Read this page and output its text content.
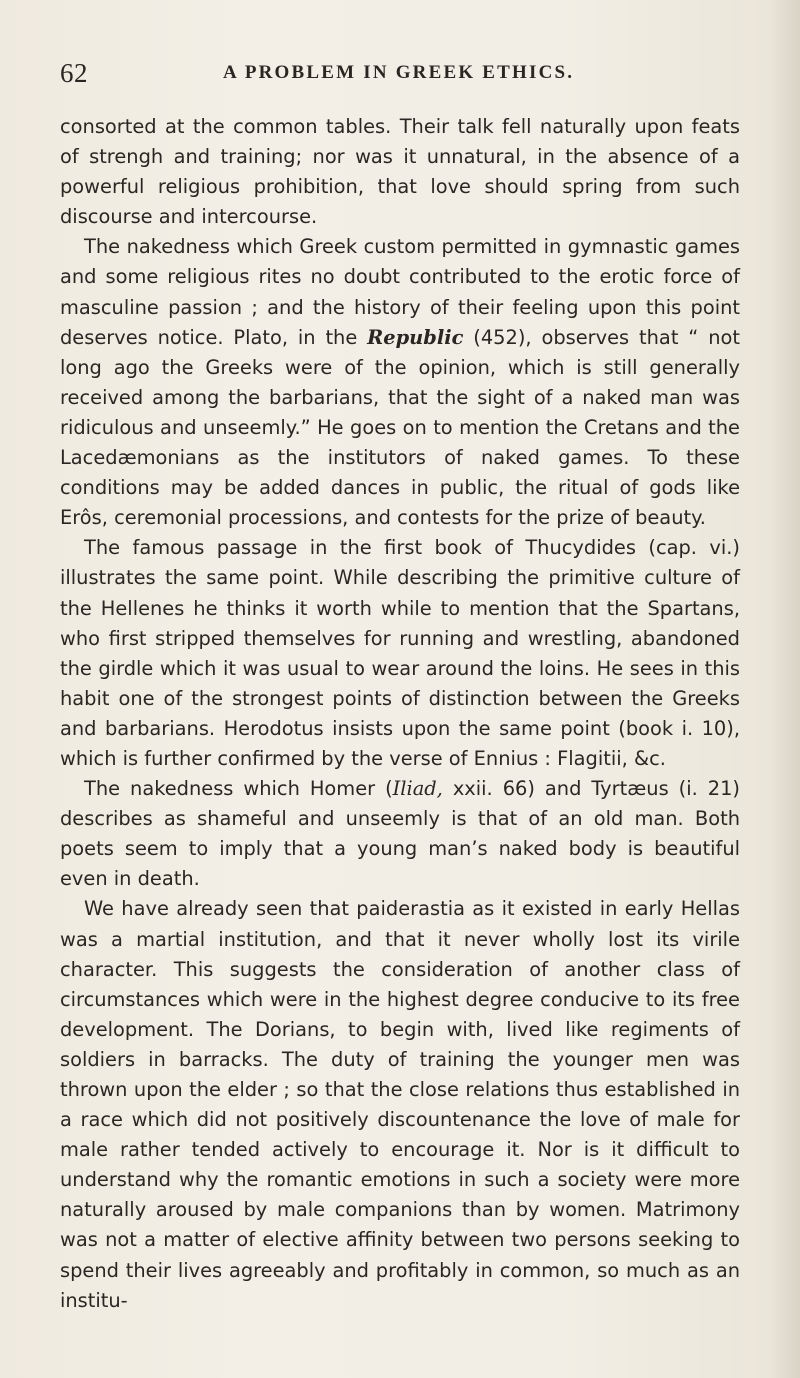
62	A PROBLEM IN GREEK ETHICS.

consorted at the common tables. Their talk fell naturally upon feats of strengh and training; nor was it unnatural, in the absence of a powerful religious prohibition, that love should spring from such discourse and intercourse.

The nakedness which Greek custom permitted in gymnastic games and some religious rites no doubt contributed to the erotic force of masculine passion ; and the history of their feeling upon this point deserves notice. Plato, in the Republic (452), observes that “ not long ago the Greeks were of the opinion, which is still generally received among the barbarians, that the sight of a naked man was ridiculous and unseemly.” He goes on to mention the Cretans and the Lacedæmonians as the institutors of naked games. To these conditions may be added dances in public, the ritual of gods like Erôs, ceremonial processions, and contests for the prize of beauty.

The famous passage in the first book of Thucydides (cap. vi.) illustrates the same point. While describing the primitive culture of the Hellenes he thinks it worth while to mention that the Spartans, who first stripped themselves for running and wrestling, abandoned the girdle which it was usual to wear around the loins. He sees in this habit one of the strongest points of distinction between the Greeks and barbarians. Herodotus insists upon the same point (book i. 10), which is further confirmed by the verse of Ennius : Flagitii, &c.

The nakedness which Homer (Iliad, xxii. 66) and Tyrtæus (i. 21) describes as shameful and unseemly is that of an old man. Both poets seem to imply that a young man’s naked body is beautiful even in death.

We have already seen that paiderastia as it existed in early Hellas was a martial institution, and that it never wholly lost its virile character. This suggests the consideration of another class of circumstances which were in the highest degree conducive to its free development. The Dorians, to begin with, lived like regiments of soldiers in barracks. The duty of training the younger men was thrown upon the elder ; so that the close relations thus established in a race which did not positively discountenance the love of male for male rather tended actively to encourage it. Nor is it difficult to understand why the romantic emotions in such a society were more naturally aroused by male companions than by women. Matrimony was not a matter of elective affinity between two persons seeking to spend their lives agreeably and profitably in common, so much as an institu-
